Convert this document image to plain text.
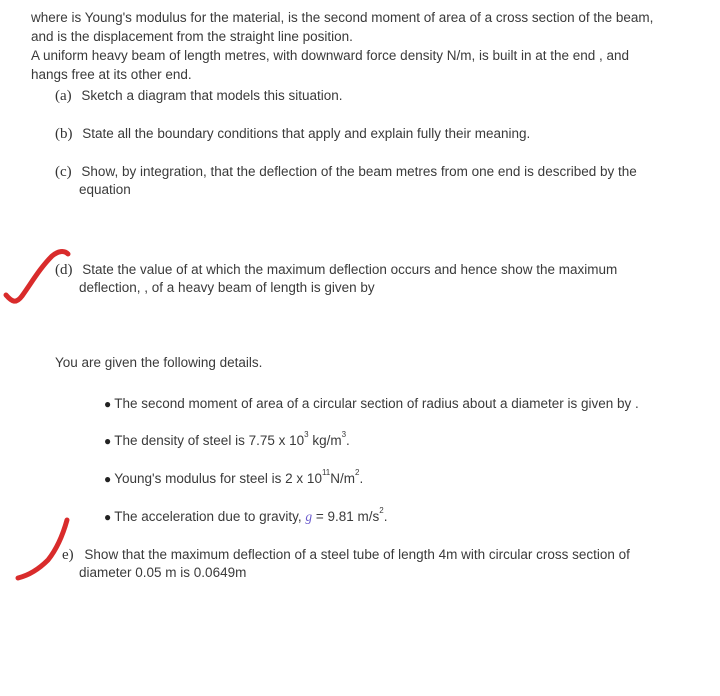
where is Young's modulus for the material, is the second moment of area of a cross section of the beam,
and is the displacement from the straight line position.
A uniform heavy beam of length metres, with downward force density N/m, is built in at the end , and
hangs free at its other end.
(a) Sketch a diagram that models this situation.
(b) State all the boundary conditions that apply and explain fully their meaning.
(c) Show, by integration, that the deflection of the beam metres from one end is described by the
equation
(d) State the value of at which the maximum deflection occurs and hence show the maximum
deflection, , of a heavy beam of length is given by
You are given the following details.
● The second moment of area of a circular section of radius about a diameter is given by .
● The density of steel is 7.75 x $10^3$ $kg/m^3$.
● Young's modulus for steel is 2 x $10^{11}N/m^2$.
● The acceleration due to gravity, g = 9.81 $m/s^2$.
e) Show that the maximum deflection of a steel tube of length 4m with circular cross section of
diameter 0.05 m is 0.0649m
